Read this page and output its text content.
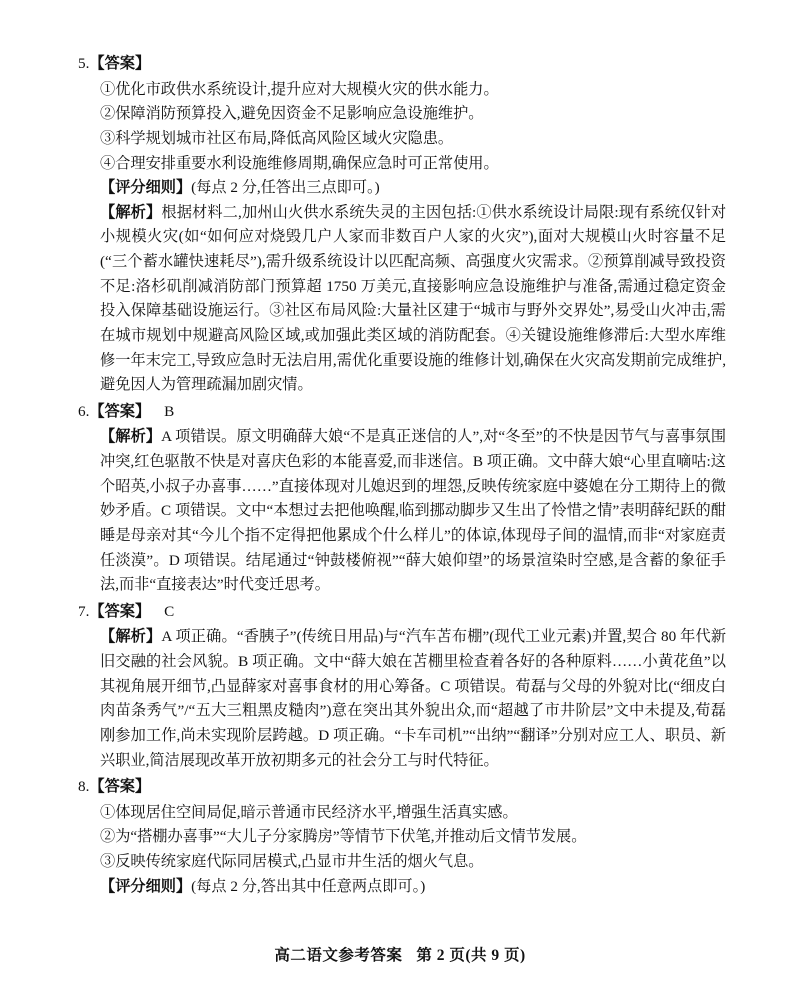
5.【答案】
①优化市政供水系统设计,提升应对大规模火灾的供水能力。
②保障消防预算投入,避免因资金不足影响应急设施维护。
③科学规划城市社区布局,降低高风险区域火灾隐患。
④合理安排重要水利设施维修周期,确保应急时可正常使用。
【评分细则】(每点 2 分,任答出三点即可。)
【解析】根据材料二,加州山火供水系统失灵的主因包括:①供水系统设计局限:现有系统仅针对小规模火灾(如“如何应对烧毁几户人家而非数百户人家的火灾”),面对大规模山火时容量不足(“三个蓄水罐快速耗尽”),需升级系统设计以匹配高频、高强度火灾需求。②预算削减导致投资不足:洛杉矶削减消防部门预算超 1750 万美元,直接影响应急设施维护与准备,需通过稳定资金投入保障基础设施运行。③社区布局风险:大量社区建于“城市与野外交界处”,易受山火冲击,需在城市规划中规避高风险区域,或加强此类区域的消防配套。④关键设施维修滞后:大型水库维修一年末完工,导致应急时无法启用,需优化重要设施的维修计划,确保在火灾高发期前完成维护,避免因人为管理疏漏加剧灾情。
6.【答案】 B
【解析】A 项错误。原文明确薛大娘“不是真正迷信的人”,对“冬至”的不快是因节气与喜事氛围冲突,红色驱散不快是对喜庆色彩的本能喜爱,而非迷信。B 项正确。文中薛大娘“心里直嘀咕:这个昭英,小叔子办喜事……”直接体现对儿媳迟到的埋怨,反映传统家庭中婆媳在分工期待上的微妙矛盾。C 项错误。文中“本想过去把他唤醒,临到挪动脚步又生出了怜惜之情”表明薛纪跃的酣睡是母亲对其“今儿个指不定得把他累成个什么样儿”的体谅,体现母子间的温情,而非“对家庭责任淡漠”。D 项错误。结尾通过“钟鼓楼俯视”“薛大娘仰望”的场景渲染时空感,是含蓄的象征手法,而非“直接表达”时代变迁思考。
7.【答案】 C
【解析】A 项正确。“香胰子”(传统日用品)与“汽车苫布棚”(现代工业元素)并置,契合 80 年代新旧交融的社会风貌。B 项正确。文中“薛大娘在苫棚里检查着各好的各种原料……小黄花鱼”以其视角展开细节,凸显薛家对喜事食材的用心筹备。C 项错误。荀磊与父母的外貌对比(“细皮白肉苗条秀气”/“五大三粗黑皮糙肉”)意在突出其外貌出众,而“超越了市井阶层”文中未提及,荀磊刚参加工作,尚未实现阶层跨越。D 项正确。“卡车司机”“出纳”“翻译”分别对应工人、职员、新兴职业,简洁展现改革开放初期多元的社会分工与时代特征。
8.【答案】
①体现居住空间局促,暗示普通市民经济水平,增强生活真实感。
②为“搭棚办喜事”“大儿子分家腾房”等情节下伏笔,并推动后文情节发展。
③反映传统家庭代际同居模式,凸显市井生活的烟火气息。
【评分细则】(每点 2 分,答出其中任意两点即可。)
高二语文参考答案 第 2 页(共 9 页)
